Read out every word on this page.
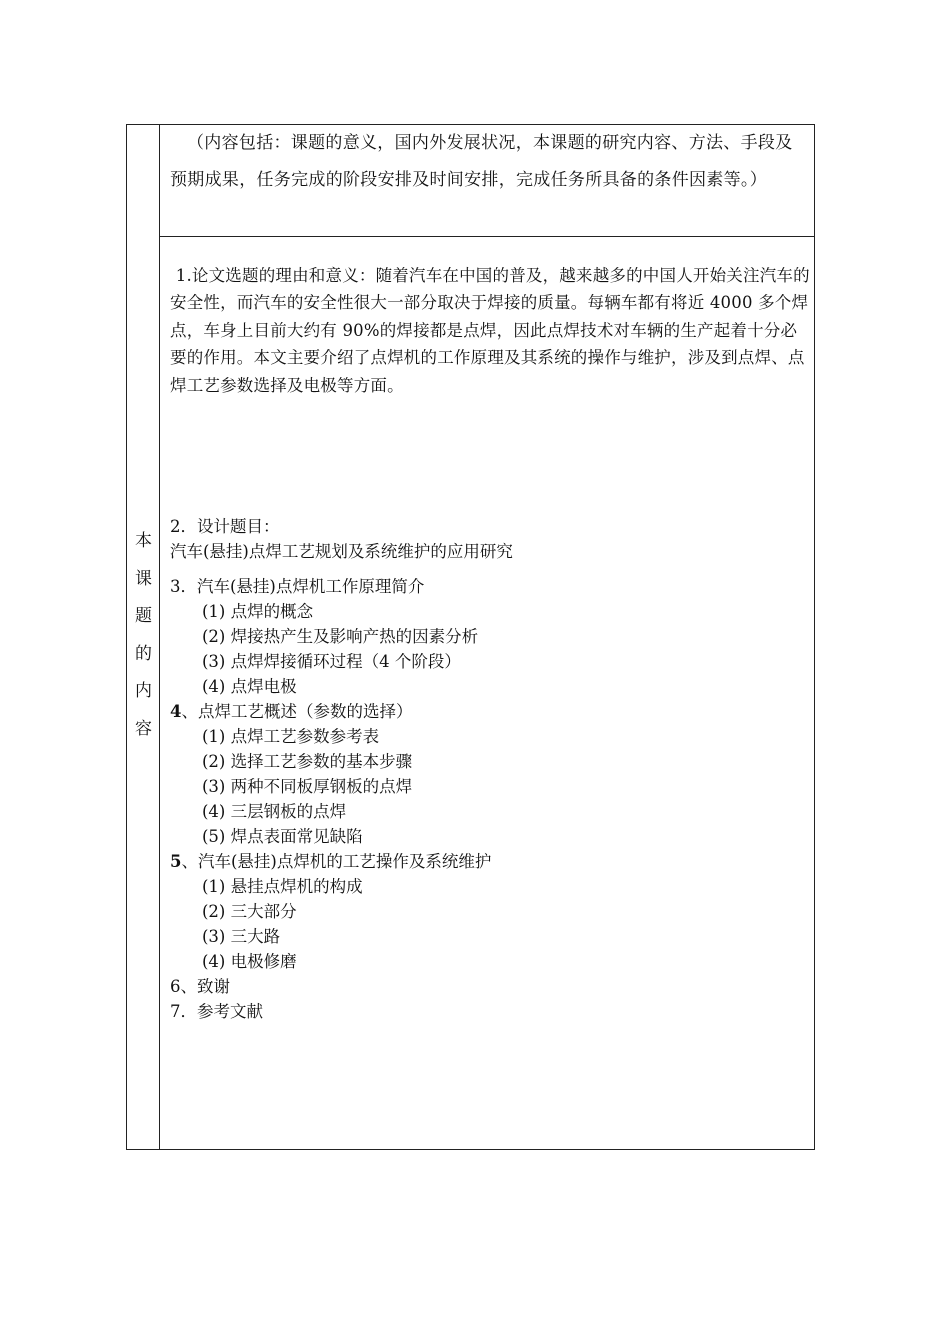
本
课
题
的
内
容

（内容包括：课题的意义，国内外发展状况，本课题的研究内容、方法、手段及预期成果，任务完成的阶段安排及时间安排，完成任务所具备的条件因素等。）

1.论文选题的理由和意义：随着汽车在中国的普及，越来越多的中国人开始关注汽车的安全性，而汽车的安全性很大一部分取决于焊接的质量。每辆车都有将近 4000 多个焊点，车身上目前大约有 90%的焊接都是点焊，因此点焊技术对车辆的生产起着十分必要的作用。本文主要介绍了点焊机的工作原理及其系统的操作与维护，涉及到点焊、点焊工艺参数选择及电极等方面。

2．设计题目：
汽车(悬挂)点焊工艺规划及系统维护的应用研究
3．汽车(悬挂)点焊机工作原理简介
(1) 点焊的概念
(2) 焊接热产生及影响产热的因素分析
(3) 点焊焊接循环过程（4 个阶段）
(4) 点焊电极
4、点焊工艺概述（参数的选择）
(1) 点焊工艺参数参考表
(2) 选择工艺参数的基本步骤
(3) 两种不同板厚钢板的点焊
(4) 三层钢板的点焊
(5) 焊点表面常见缺陷
5、汽车(悬挂)点焊机的工艺操作及系统维护
(1) 悬挂点焊机的构成
(2) 三大部分
(3) 三大路
(4) 电极修磨
6、致谢
7．参考文献
